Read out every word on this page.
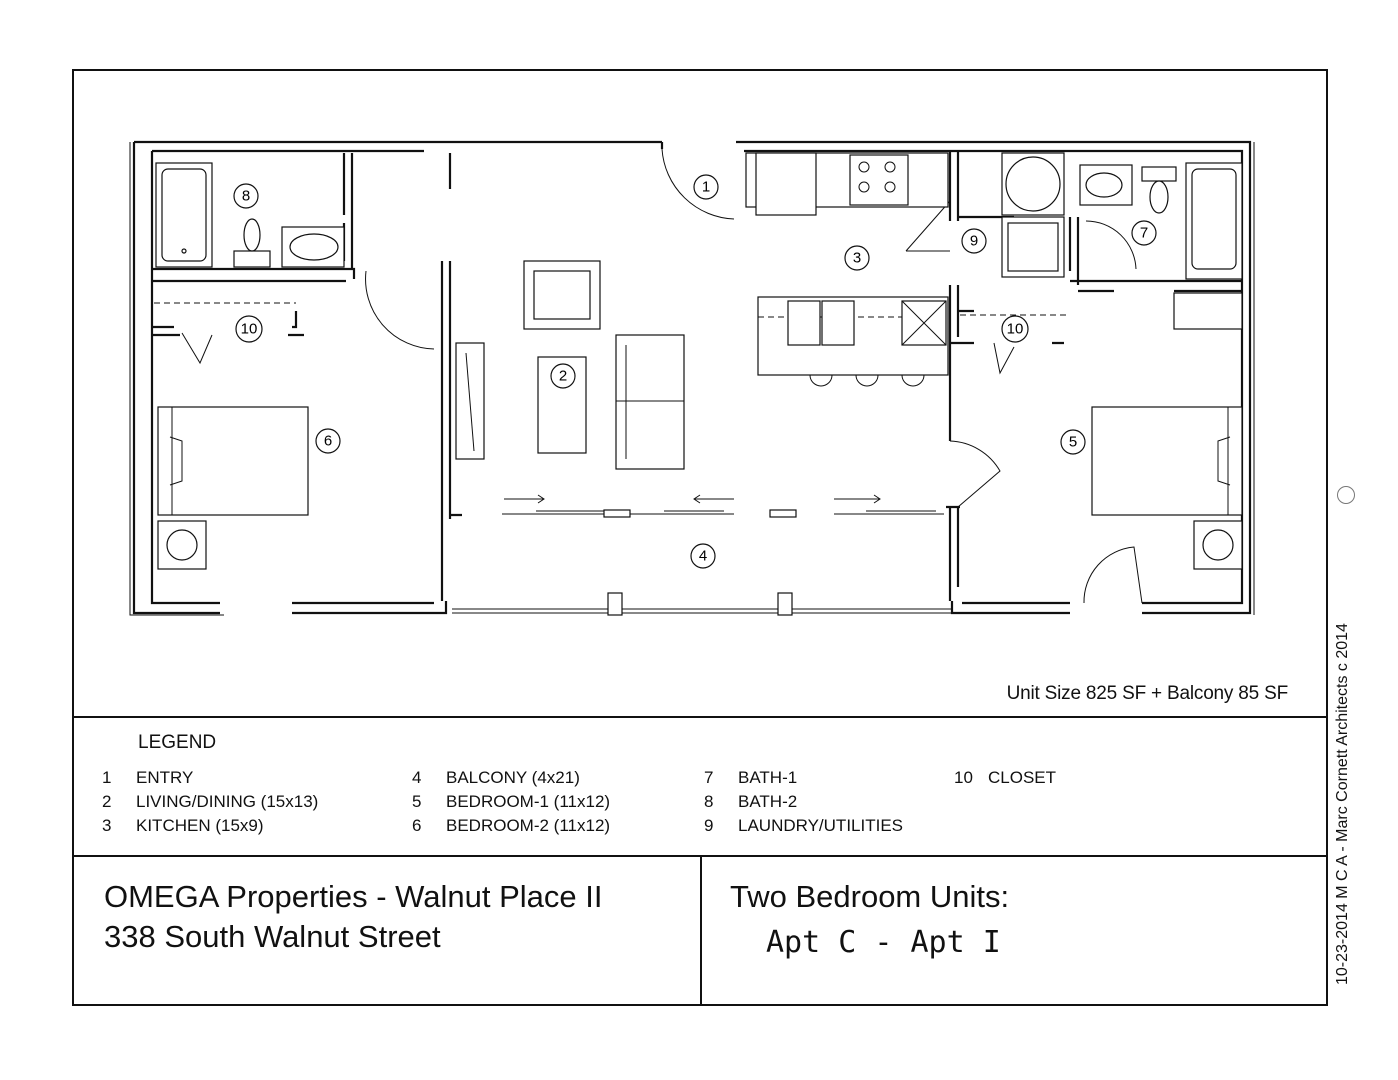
1
2
3
4
5
6
7
8
9
10	10
Unit Size 825 SF + Balcony 85 SF
LEGEND
1	ENTRY
2	LIVING/DINING (15x13)
3	KITCHEN (15x9)
4	BALCONY (4x21)
5	BEDROOM-1 (11x12)
6	BEDROOM-2 (11x12)
7	BATH-1
8	BATH-2
9	LAUNDRY/UTILITIES
10 CLOSET
OMEGA Properties - Walnut Place II
338 South Walnut Street
Two Bedroom Units:
Apt C - Apt I	10-23-2014 M C A - Marc Cornett Architects c 2014
